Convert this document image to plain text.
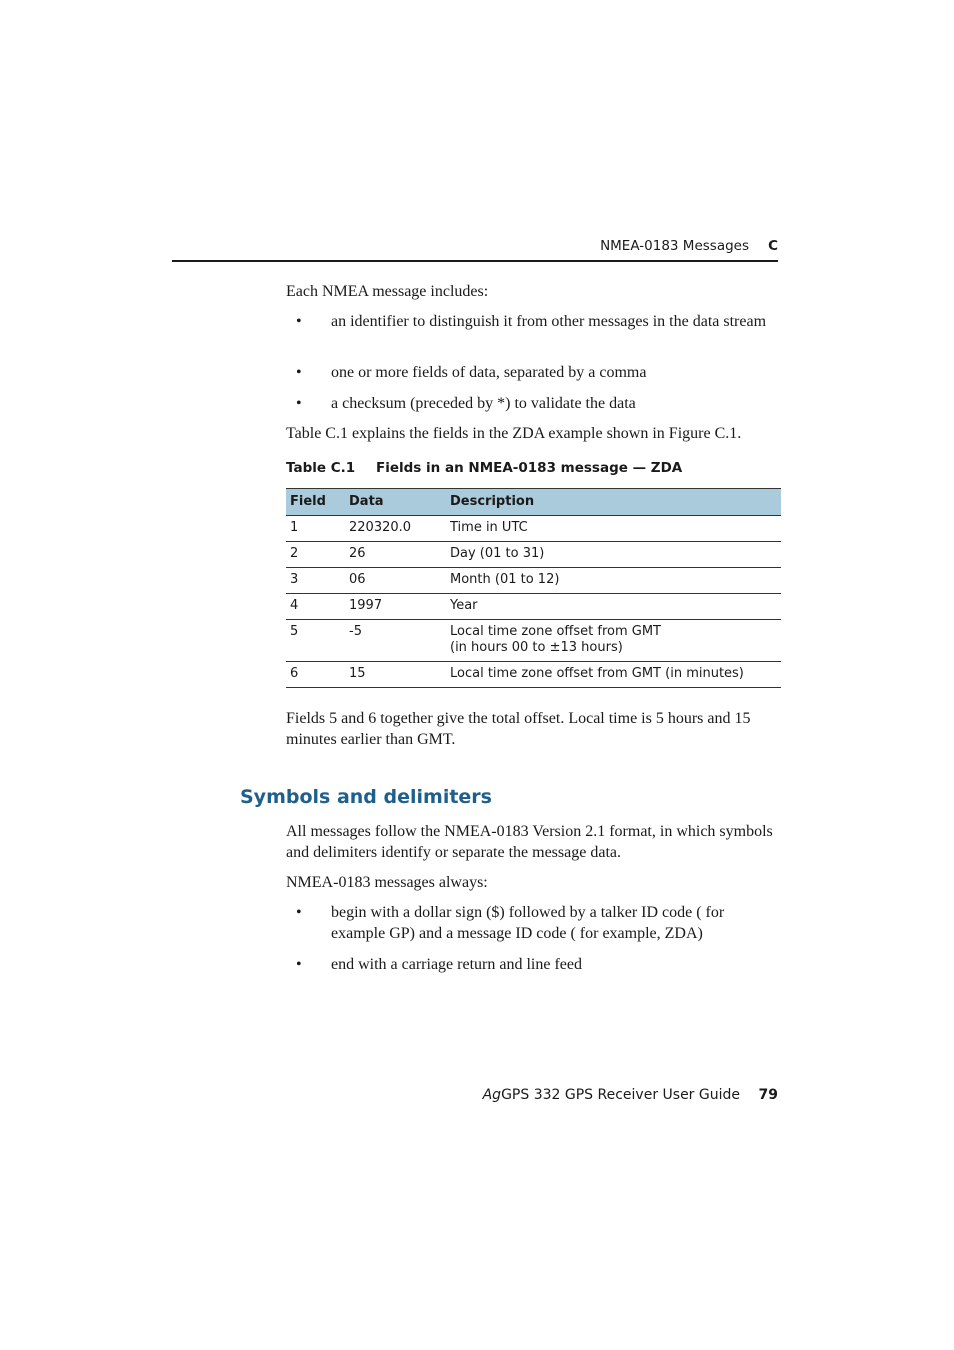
NMEA-0183 Messages C
Each NMEA message includes:
• an identifier to distinguish it from other messages in the data stream
• one or more fields of data, separated by a comma
• a checksum (preceded by *) to validate the data
Table C.1 explains the fields in the ZDA example shown in Figure C.1.
Table C.1 Fields in an NMEA-0183 message — ZDA
Field	Data	Description
1	220320.0	Time in UTC
2	26	Day (01 to 31)
3	06	Month (01 to 12)
4	1997	Year
5	-5	Local time zone offset from GMT
(in hours 00 to ±13 hours)
6	15	Local time zone offset from GMT (in minutes)
Fields 5 and 6 together give the total offset. Local time is 5 hours and 15 minutes earlier than GMT.
Symbols and delimiters
All messages follow the NMEA-0183 Version 2.1 format, in which symbols and delimiters identify or separate the message data.
NMEA-0183 messages always:
• begin with a dollar sign ($) followed by a talker ID code ( for example GP) and a message ID code ( for example, ZDA)
• end with a carriage return and line feed
AgGPS 332 GPS Receiver User Guide 79
